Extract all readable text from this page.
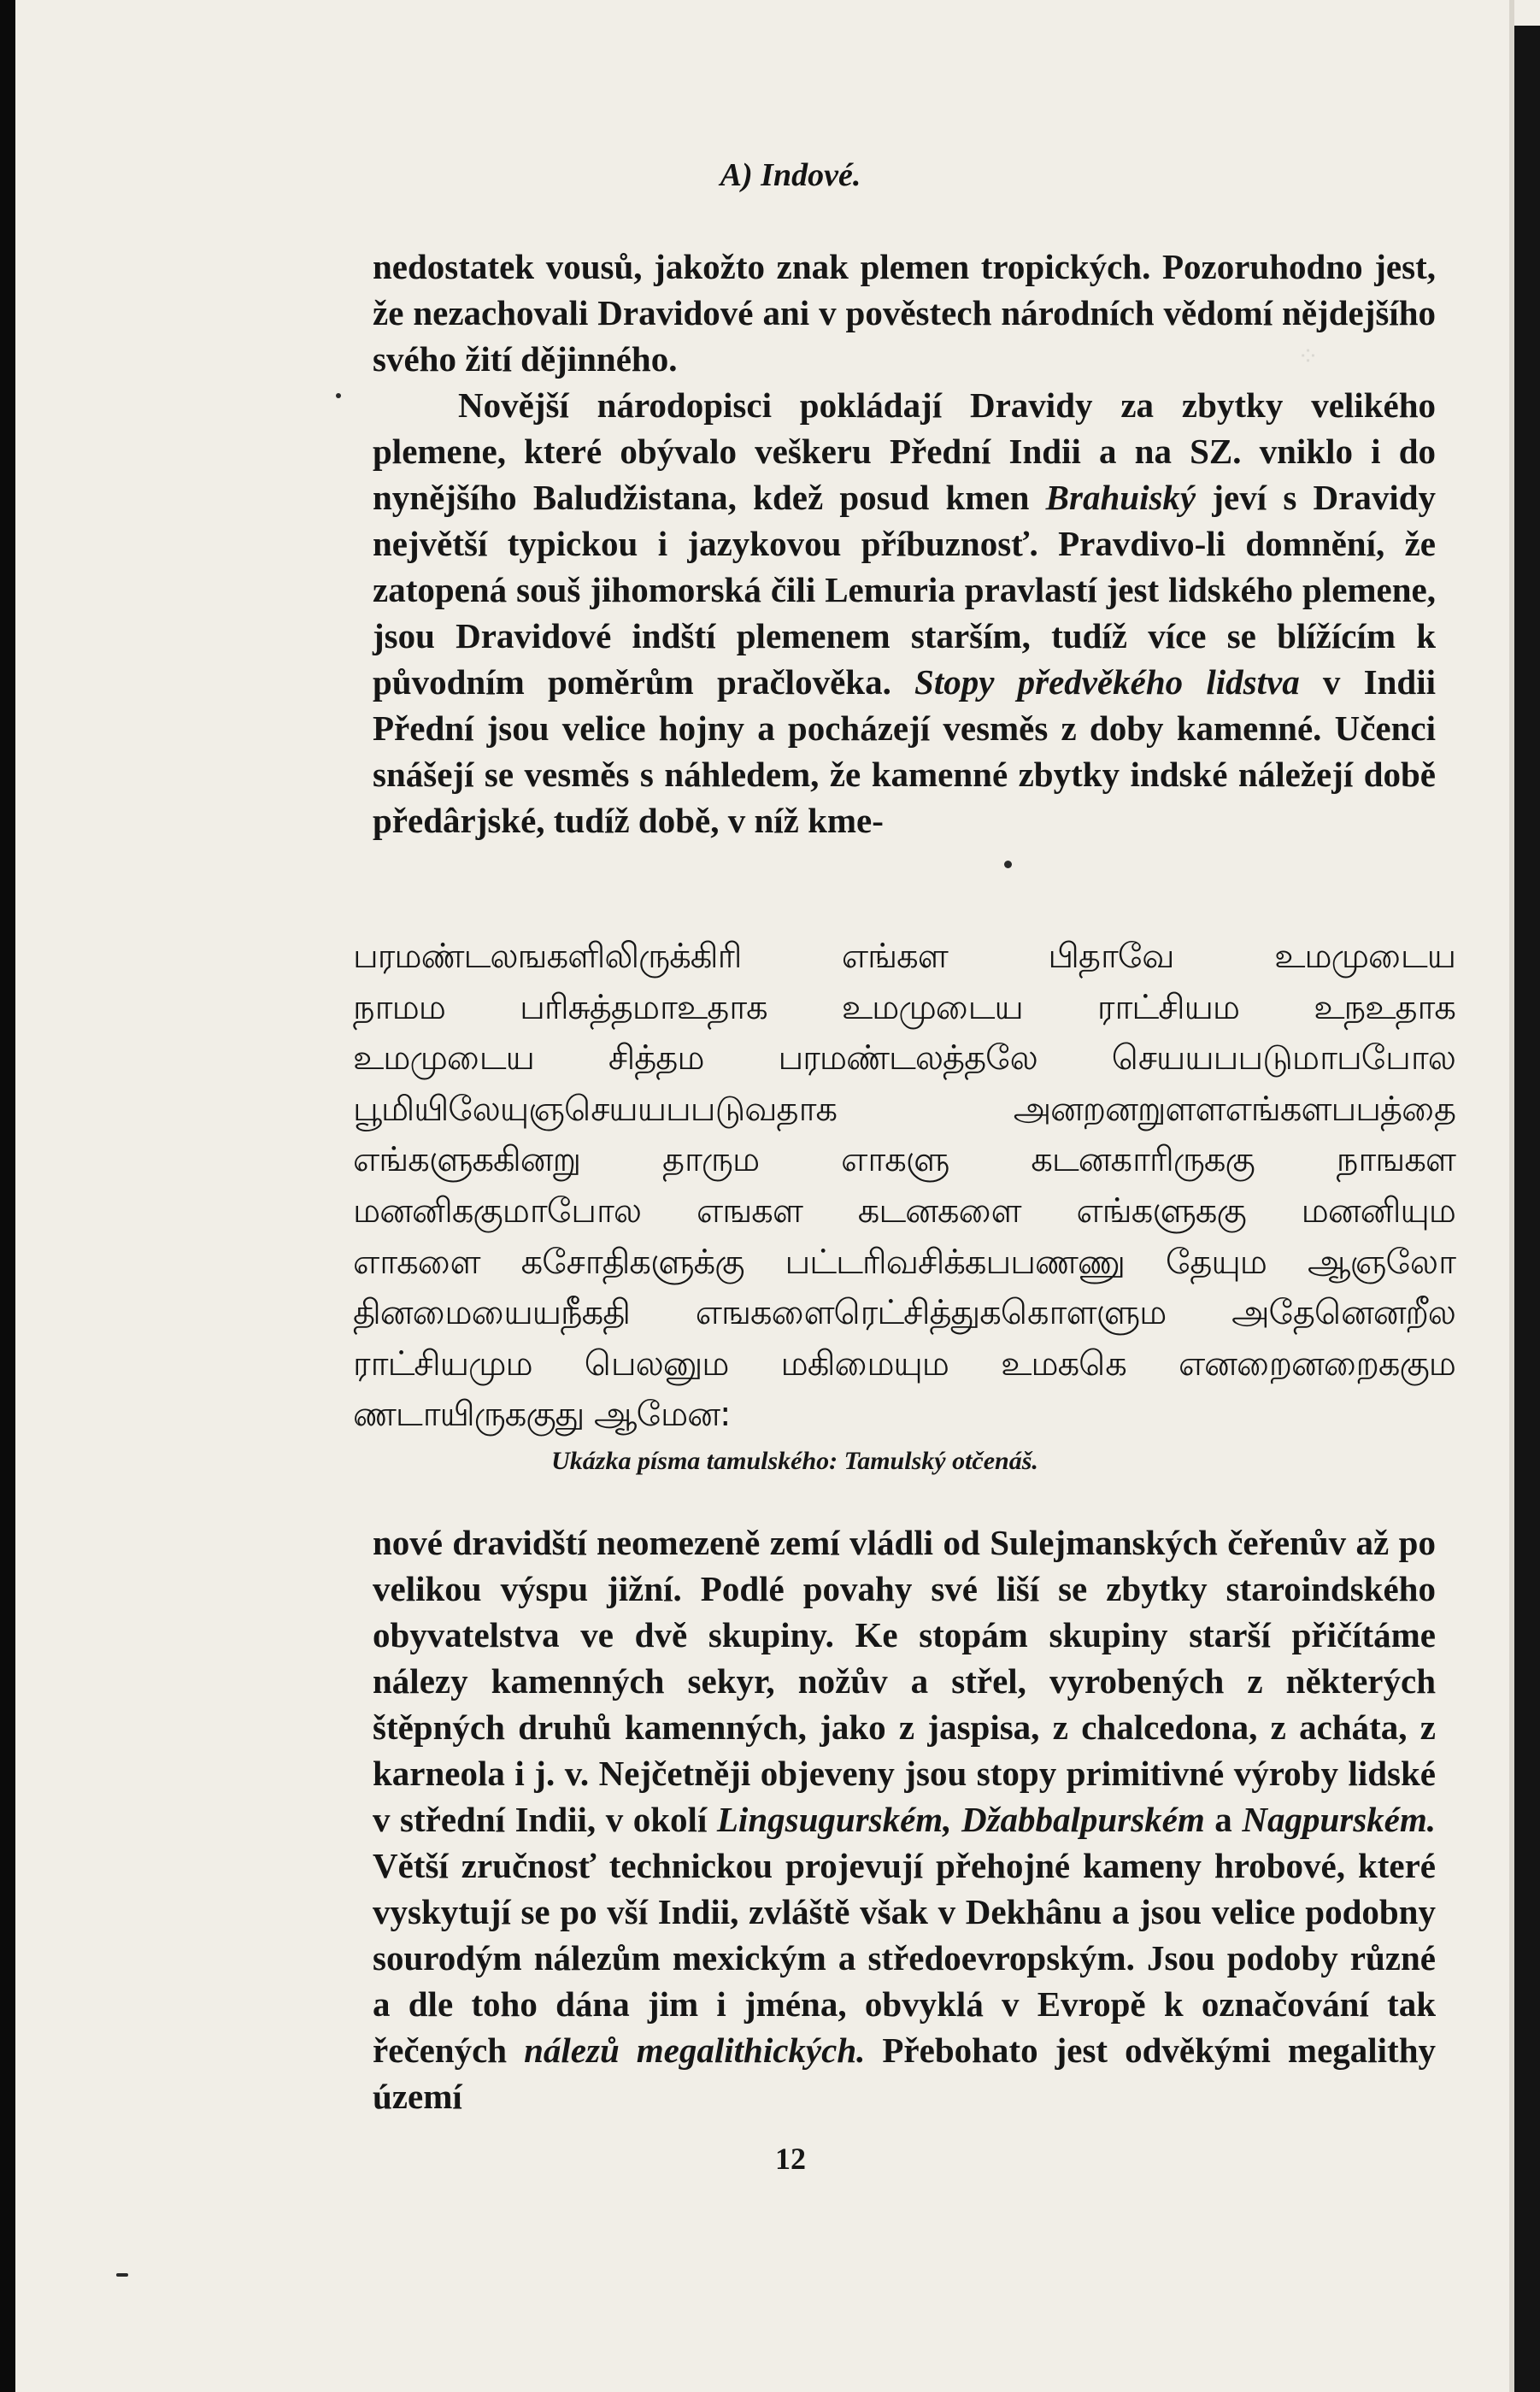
⁘
A) Indové.

nedostatek vousů, jakožto znak plemen tropických. Pozoruhodno jest, že nezachovali Dravidové ani v pověstech národních vědomí nějdejšího svého žití dějinného.

Novější národopisci pokládají Dravidy za zbytky velikého plemene, které obývalo veškeru Přední Indii a na SZ. vniklo i do nynějšího Baludžistana, kdež posud kmen Brahuiský jeví s Dravidy největší typickou i jazykovou příbuznosť. Pravdivo-li domnění, že zatopená souš jihomorská čili Lemuria pravlastí jest lidského plemene, jsou Dravidové indští plemenem starším, tudíž více se blížícím k původním poměrům pračlověka. Stopy předvěkého lidstva v Indii Přední jsou velice hojny a pocházejí vesměs z doby kamenné. Učenci snášejí se vesměs s náhledem, že kamenné zbytky indské náležejí době předârjské, tudíž době, v níž kme-

பரமண்டலஙகளிலிருக்கிரி எங்கள பிதாவே உமமுடைய
நாமம பரிசுத்தமாஉதாக உமமுடைய ராட்சியம உநஉதாக
உமமுடைய சித்தம பரமண்டலத்தலே செயயபபடுமாபபோல
பூமியிலேயுஞசெயயபபடுவதாக அனறனறுளளஎங்களபபத்தை
எங்களுககினறு தாரும எாகளு கடனகாரிருககு நாஙகள
மனனிககுமாபோல எஙகள கடனகளை எங்களுககு மனனியும
எாகளை கசோதிகளுக்கு பட்டரிவசிக்கபபணணு தேயும ஆஞலோ
தினமையையநீகதி எஙகளைரெட்சித்துககொளளும அதேனெனறீல
ராட்சியமும பெலனும மகிமையும உமககெ எனறைனறைககும
ணடாயிருககுது ஆமேன:
Ukázka písma tamulského: Tamulský otčenáš.

nové dravidští neomezeně zemí vládli od Sulejmanských čeřenův až po velikou výspu jižní. Podlé povahy své liší se zbytky staroindského obyvatelstva ve dvě skupiny. Ke stopám skupiny starší přičítáme nálezy kamenných sekyr, nožův a střel, vyrobených z některých štěpných druhů kamenných, jako z jaspisa, z chalcedona, z acháta, z karneola i j. v. Nejčetněji objeveny jsou stopy primitivné výroby lidské v střední Indii, v okolí Lingsugurském, Džabbalpurském a Nagpurském. Větší zručnosť technickou projevují přehojné kameny hrobové, které vyskytují se po vší Indii, zvláště však v Dekhânu a jsou velice podobny sourodým nálezům mexickým a středoevropským. Jsou podoby různé a dle toho dána jim i jména, obvyklá v Evropě k označování tak řečených nálezů megalithických. Přebohato jest odvěkými megalithy území

12
